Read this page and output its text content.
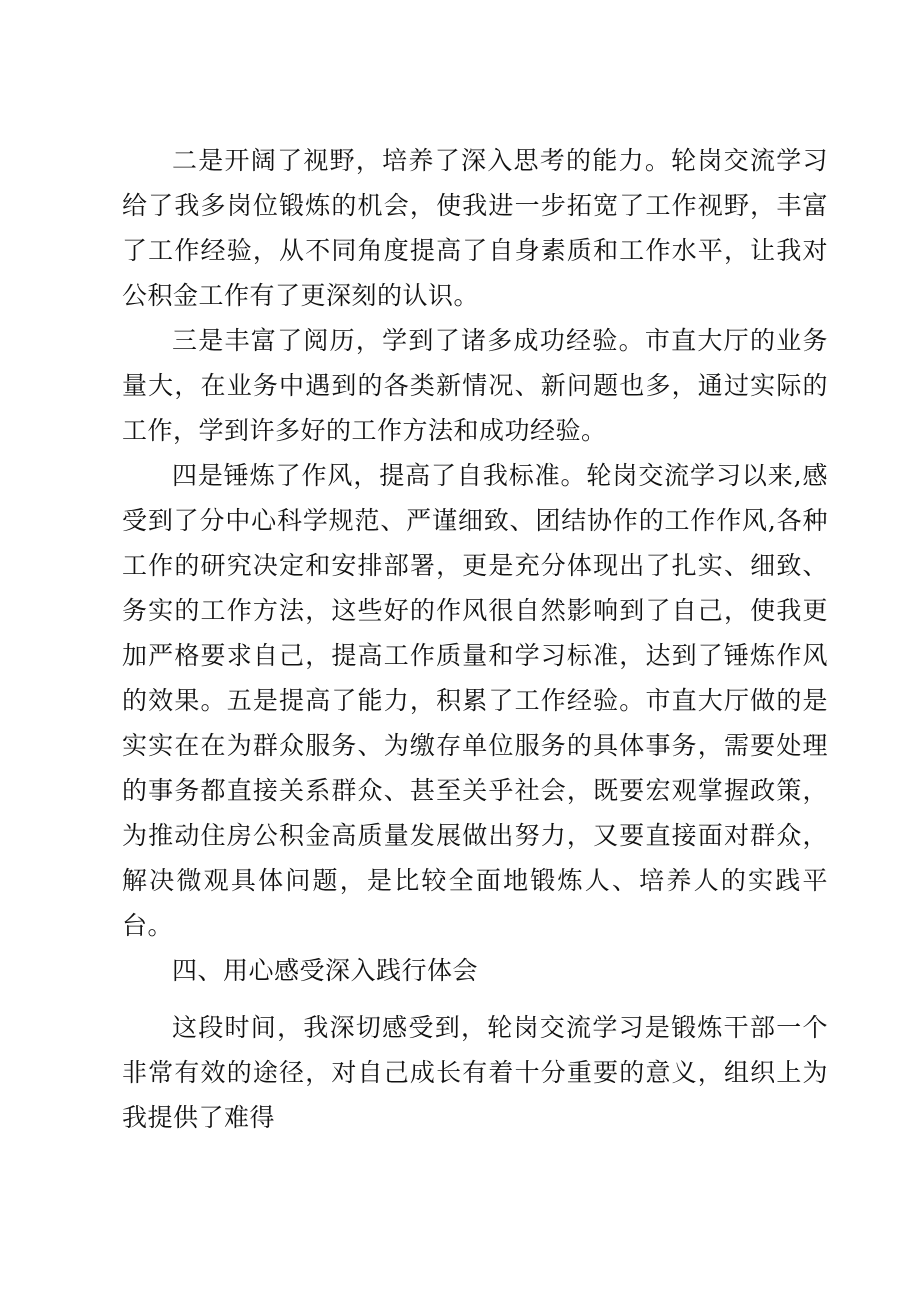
二是开阔了视野，培养了深入思考的能力。轮岗交流学习给了我多岗位锻炼的机会，使我进一步拓宽了工作视野，丰富了工作经验，从不同角度提高了自身素质和工作水平，让我对公积金工作有了更深刻的认识。

三是丰富了阅历，学到了诸多成功经验。市直大厅的业务量大，在业务中遇到的各类新情况、新问题也多，通过实际的工作，学到许多好的工作方法和成功经验。

四是锤炼了作风，提高了自我标准。轮岗交流学习以来,感受到了分中心科学规范、严谨细致、团结协作的工作作风,各种工作的研究决定和安排部署，更是充分体现出了扎实、细致、务实的工作方法，这些好的作风很自然影响到了自己，使我更加严格要求自己，提高工作质量和学习标准，达到了锤炼作风的效果。五是提高了能力，积累了工作经验。市直大厅做的是实实在在为群众服务、为缴存单位服务的具体事务，需要处理的事务都直接关系群众、甚至关乎社会，既要宏观掌握政策，为推动住房公积金高质量发展做出努力，又要直接面对群众，解决微观具体问题，是比较全面地锻炼人、培养人的实践平台。

四、用心感受深入践行体会

这段时间，我深切感受到，轮岗交流学习是锻炼干部一个非常有效的途径，对自己成长有着十分重要的意义，组织上为我提供了难得
